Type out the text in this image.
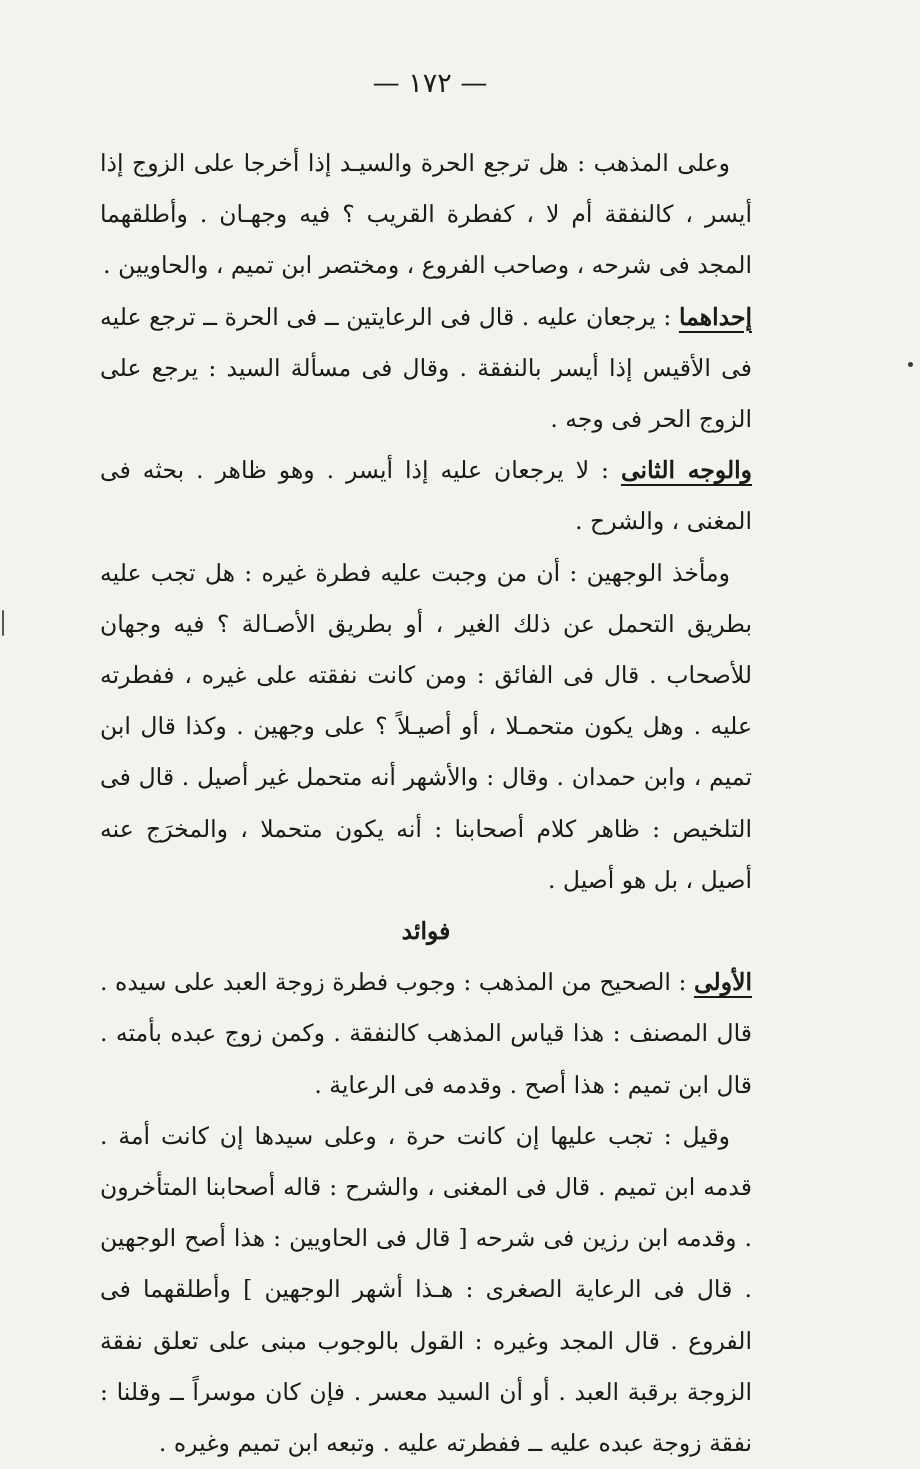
— ١٧٢ —

وعلى المذهب : هل ترجع الحرة والسيـد إذا أخرجا على الزوج إذا أيسر ، كالنفقة أم لا ، كفطرة القريب ؟ فيه وجهـان . وأطلقهما المجد فى شرحه ، وصاحب الفروع ، ومختصر ابن تميم ، والحاويين .

إحداهما : يرجعان عليه . قال فى الرعايتين ــ فى الحرة ــ ترجع عليه فى الأقيس إذا أيسر بالنفقة . وقال فى مسألة السيد : يرجع على الزوج الحر فى وجه .

والوجه الثانى : لا يرجعان عليه إذا أيسر . وهو ظاهر . بحثه فى المغنى ، والشرح .

ومأخذ الوجهين : أن من وجبت عليه فطرة غيره : هل تجب عليه بطريق التحمل عن ذلك الغير ، أو بطريق الأصـالة ؟ فيه وجهان للأصحاب . قال فى الفائق : ومن كانت نفقته على غيره ، ففطرته عليه . وهل يكون متحمـلا ، أو أصيـلاً ؟ على وجهين . وكذا قال ابن تميم ، وابن حمدان . وقال : والأشهر أنه متحمل غير أصيل . قال فى التلخيص : ظاهر كلام أصحابنا : أنه يكون متحملا ، والمخرَج عنه أصيل ، بل هو أصيل .

فوائد

الأولى : الصحيح من المذهب : وجوب فطرة زوجة العبد على سيده . قال المصنف : هذا قياس المذهب كالنفقة . وكمن زوج عبده بأمته . قال ابن تميم : هذا أصح . وقدمه فى الرعاية .

وقيل : تجب عليها إن كانت حرة ، وعلى سيدها إن كانت أمة . قدمه ابن تميم . قال فى المغنى ، والشرح : قاله أصحابنا المتأخرون . وقدمه ابن رزين فى شرحه [ قال فى الحاويين : هذا أصح الوجهين . قال فى الرعاية الصغرى : هـذا أشهر الوجهين ] وأطلقهما فى الفروع . قال المجد وغيره : القول بالوجوب مبنى على تعلق نفقة الزوجة برقبة العبد . أو أن السيد معسر . فإن كان موسراً ــ وقلنا : نفقة زوجة عبده عليه ــ ففطرته عليه . وتبعه ابن تميم وغيره .
